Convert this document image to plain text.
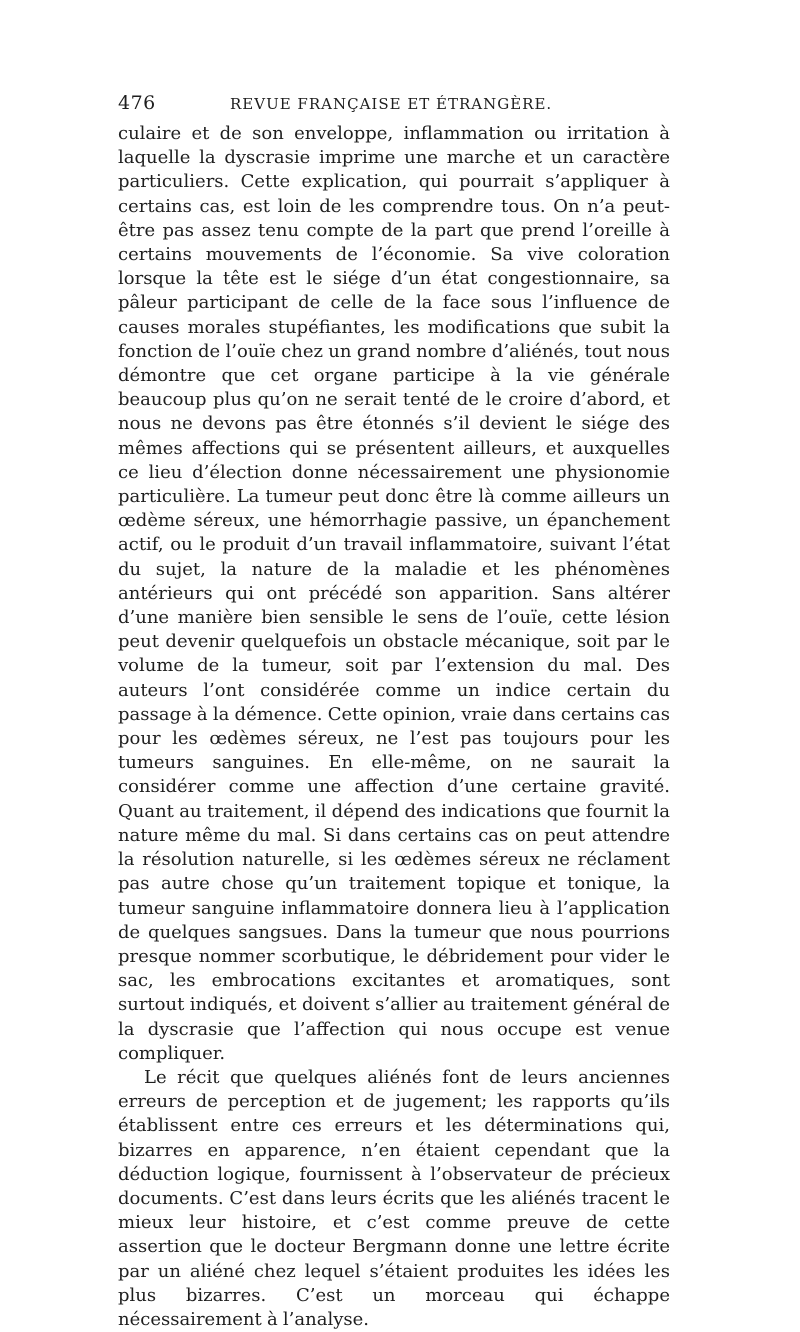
476	REVUE FRANÇAISE ET ÉTRANGÈRE.

culaire et de son enveloppe, inflammation ou irritation à laquelle la dyscrasie imprime une marche et un caractère particuliers. Cette explication, qui pourrait s’appliquer à certains cas, est loin de les comprendre tous. On n’a peut-être pas assez tenu compte de la part que prend l’oreille à certains mouvements de l’économie. Sa vive coloration lorsque la tête est le siége d’un état congestionnaire, sa pâleur participant de celle de la face sous l’influence de causes morales stupéfiantes, les modifications que subit la fonction de l’ouïe chez un grand nombre d’aliénés, tout nous démontre que cet organe participe à la vie générale beaucoup plus qu’on ne serait tenté de le croire d’abord, et nous ne devons pas être étonnés s’il devient le siége des mêmes affections qui se présentent ailleurs, et auxquelles ce lieu d’élection donne nécessairement une physionomie particulière. La tumeur peut donc être là comme ailleurs un œdème séreux, une hémorrhagie passive, un épanchement actif, ou le produit d’un travail inflammatoire, suivant l’état du sujet, la nature de la maladie et les phénomènes antérieurs qui ont précédé son apparition. Sans altérer d’une manière bien sensible le sens de l’ouïe, cette lésion peut devenir quelquefois un obstacle mécanique, soit par le volume de la tumeur, soit par l’extension du mal. Des auteurs l’ont considérée comme un indice certain du passage à la démence. Cette opinion, vraie dans certains cas pour les œdèmes séreux, ne l’est pas toujours pour les tumeurs sanguines. En elle-même, on ne saurait la considérer comme une affection d’une certaine gravité. Quant au traitement, il dépend des indications que fournit la nature même du mal. Si dans certains cas on peut attendre la résolution naturelle, si les œdèmes séreux ne réclament pas autre chose qu’un traitement topique et tonique, la tumeur sanguine inflammatoire donnera lieu à l’application de quelques sangsues. Dans la tumeur que nous pourrions presque nommer scorbutique, le débridement pour vider le sac, les embrocations excitantes et aromatiques, sont surtout indiqués, et doivent s’allier au traitement général de la dyscrasie que l’affection qui nous occupe est venue compliquer.

Le récit que quelques aliénés font de leurs anciennes erreurs de perception et de jugement; les rapports qu’ils établissent entre ces erreurs et les déterminations qui, bizarres en apparence, n’en étaient cependant que la déduction logique, fournissent à l’observateur de précieux documents. C’est dans leurs écrits que les aliénés tracent le mieux leur histoire, et c’est comme preuve de cette assertion que le docteur Bergmann donne une lettre écrite par un aliéné chez lequel s’étaient produites les idées les plus bizarres. C’est un morceau qui échappe nécessairement à l’analyse.
